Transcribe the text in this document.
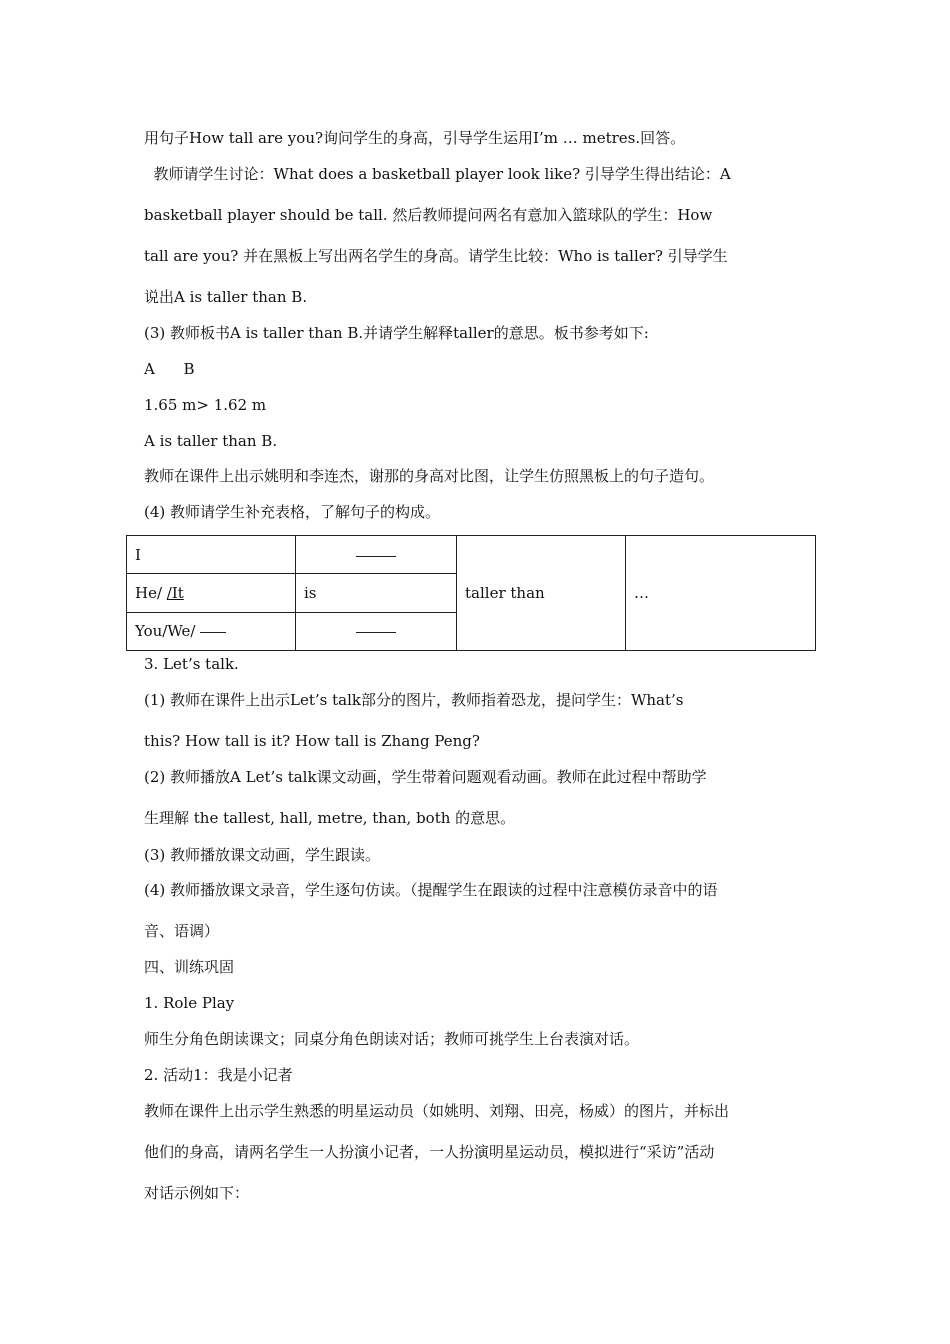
用句子How tall are you?询问学生的身高，引导学生运用I’m … metres.回答。
教师请学生讨论：What does a basketball player look like? 引导学生得出结论：A
basketball player should be tall. 然后教师提问两名有意加入篮球队的学生：How
tall are you? 并在黑板上写出两名学生的身高。请学生比较：Who is taller? 引导学生
说出A is taller than B.
(3) 教师板书A is taller than B.并请学生解释taller的意思。板书参考如下:
A      B
1.65 m> 1.62 m
A is taller than B.
教师在课件上出示姚明和李连杰，谢那的身高对比图，让学生仿照黑板上的句子造句。
(4) 教师请学生补充表格，了解句子的构成。
I		taller than	…
He/ /It	is		
You/We/			
3. Let’s talk.
(1) 教师在课件上出示Let’s talk部分的图片，教师指着恐龙，提问学生：What’s
this? How tall is it? How tall is Zhang Peng?
(2) 教师播放A Let’s talk课文动画，学生带着问题观看动画。教师在此过程中帮助学
生理解 the tallest, hall, metre, than, both 的意思。
(3) 教师播放课文动画，学生跟读。
(4) 教师播放课文录音，学生逐句仿读。（提醒学生在跟读的过程中注意模仿录音中的语
音、语调）
四、训练巩固
1. Role Play
师生分角色朗读课文；同桌分角色朗读对话；教师可挑学生上台表演对话。
2. 活动1：我是小记者
教师在课件上出示学生熟悉的明星运动员（如姚明、刘翔、田亮，杨威）的图片，并标出
他们的身高，请两名学生一人扮演小记者，一人扮演明星运动员，模拟进行“采访”活动
对话示例如下：
